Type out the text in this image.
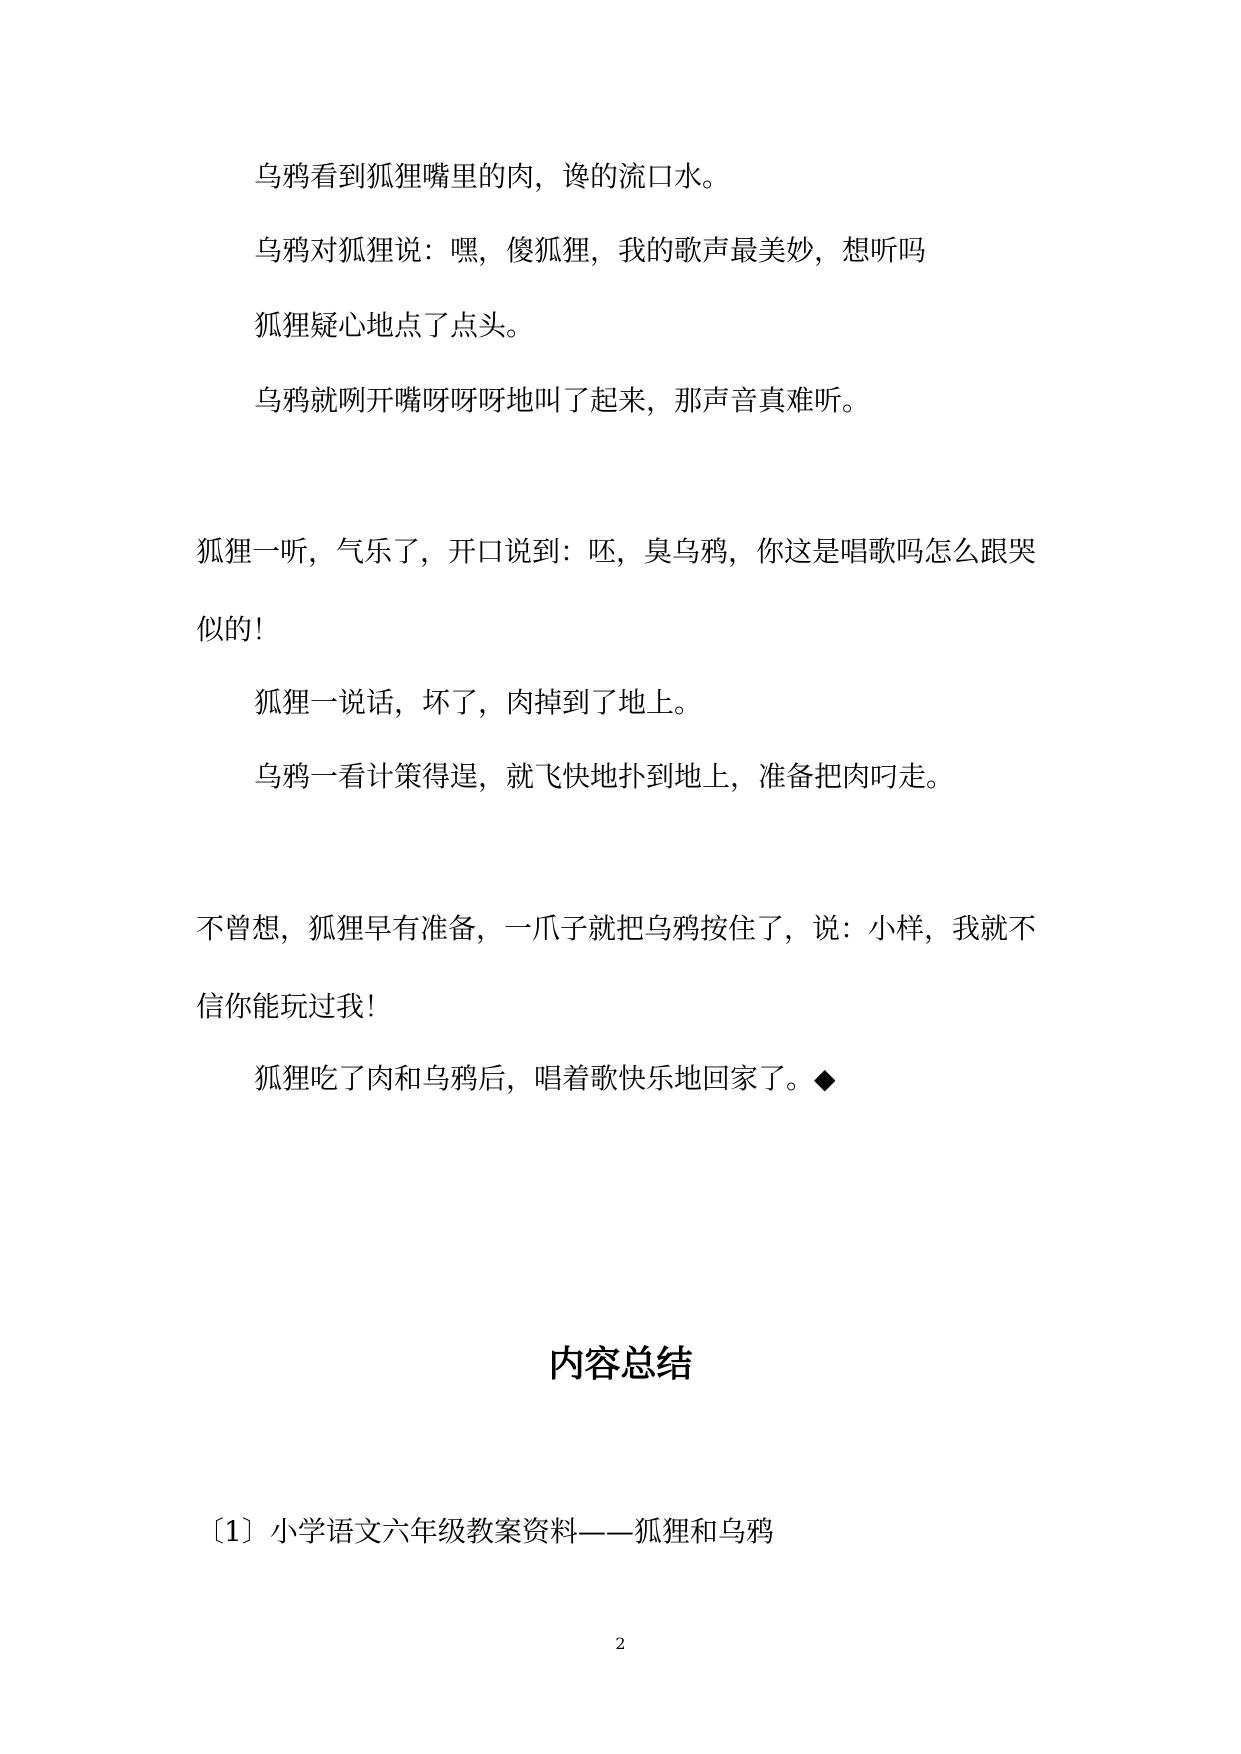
乌鸦看到狐狸嘴里的肉，谗的流口水。

乌鸦对狐狸说：嘿，傻狐狸，我的歌声最美妙，想听吗

狐狸疑心地点了点头。

乌鸦就咧开嘴呀呀呀地叫了起来，那声音真难听。

狐狸一听，气乐了，开口说到：呸，臭乌鸦，你这是唱歌吗怎么跟哭似的！

狐狸一说话，坏了，肉掉到了地上。

乌鸦一看计策得逞，就飞快地扑到地上，准备把肉叼走。

不曾想，狐狸早有准备，一爪子就把乌鸦按住了，说：小样，我就不信你能玩过我！

狐狸吃了肉和乌鸦后，唱着歌快乐地回家了。◆

内容总结

〔1〕小学语文六年级教案资料——狐狸和乌鸦

2
